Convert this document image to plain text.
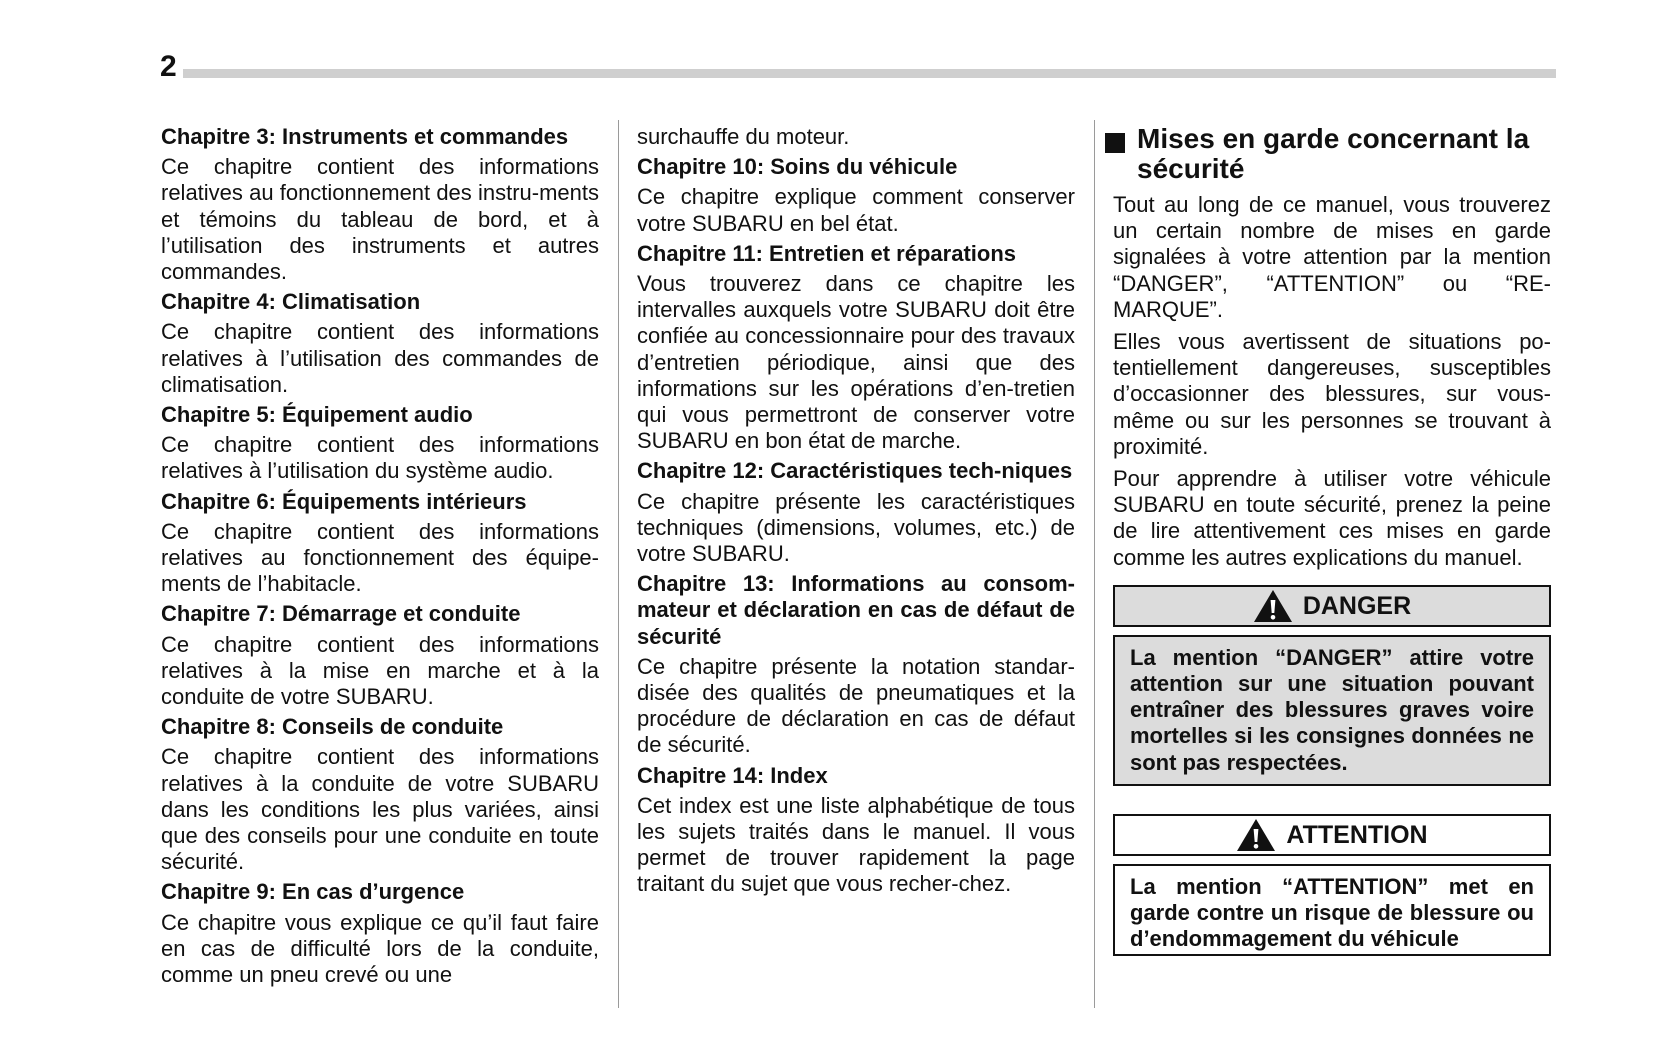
2

Chapitre 3: Instruments et commandes

Ce chapitre contient des informations relatives au fonctionnement des instru-ments et témoins du tableau de bord, et à l’utilisation des instruments et autres commandes.

Chapitre 4: Climatisation

Ce chapitre contient des informations relatives à l’utilisation des commandes de climatisation.

Chapitre 5: Équipement audio

Ce chapitre contient des informations relatives à l’utilisation du système audio.

Chapitre 6: Équipements intérieurs

Ce chapitre contient des informations relatives au fonctionnement des équipe-ments de l’habitacle.

Chapitre 7: Démarrage et conduite

Ce chapitre contient des informations relatives à la mise en marche et à la conduite de votre SUBARU.

Chapitre 8: Conseils de conduite

Ce chapitre contient des informations relatives à la conduite de votre SUBARU dans les conditions les plus variées, ainsi que des conseils pour une conduite en toute sécurité.

Chapitre 9: En cas d’urgence

Ce chapitre vous explique ce qu’il faut faire en cas de difficulté lors de la conduite, comme un pneu crevé ou une

surchauffe du moteur.

Chapitre 10: Soins du véhicule

Ce chapitre explique comment conserver votre SUBARU en bel état.

Chapitre 11: Entretien et réparations

Vous trouverez dans ce chapitre les intervalles auxquels votre SUBARU doit être confiée au concessionnaire pour des travaux d’entretien périodique, ainsi que des informations sur les opérations d’en-tretien qui vous permettront de conserver votre SUBARU en bon état de marche.

Chapitre 12: Caractéristiques tech-niques

Ce chapitre présente les caractéristiques techniques (dimensions, volumes, etc.) de votre SUBARU.

Chapitre 13: Informations au consom-mateur et déclaration en cas de défaut de sécurité

Ce chapitre présente la notation standar-disée des qualités de pneumatiques et la procédure de déclaration en cas de défaut de sécurité.

Chapitre 14: Index

Cet index est une liste alphabétique de tous les sujets traités dans le manuel. Il vous permet de trouver rapidement la page traitant du sujet que vous recher-chez.

Mises en garde concernant la sécurité

Tout au long de ce manuel, vous trouverez un certain nombre de mises en garde signalées à votre attention par la mention “DANGER”, “ATTENTION” ou “RE-MARQUE”.

Elles vous avertissent de situations po-tentiellement dangereuses, susceptibles d’occasionner des blessures, sur vous-même ou sur les personnes se trouvant à proximité.

Pour apprendre à utiliser votre véhicule SUBARU en toute sécurité, prenez la peine de lire attentivement ces mises en garde comme les autres explications du manuel.

DANGER
La mention “DANGER” attire votre attention sur une situation pouvant entraîner des blessures graves voire mortelles si les consignes données ne sont pas respectées.
ATTENTION
La mention “ATTENTION” met en garde contre un risque de blessure ou d’endommagement du véhicule
